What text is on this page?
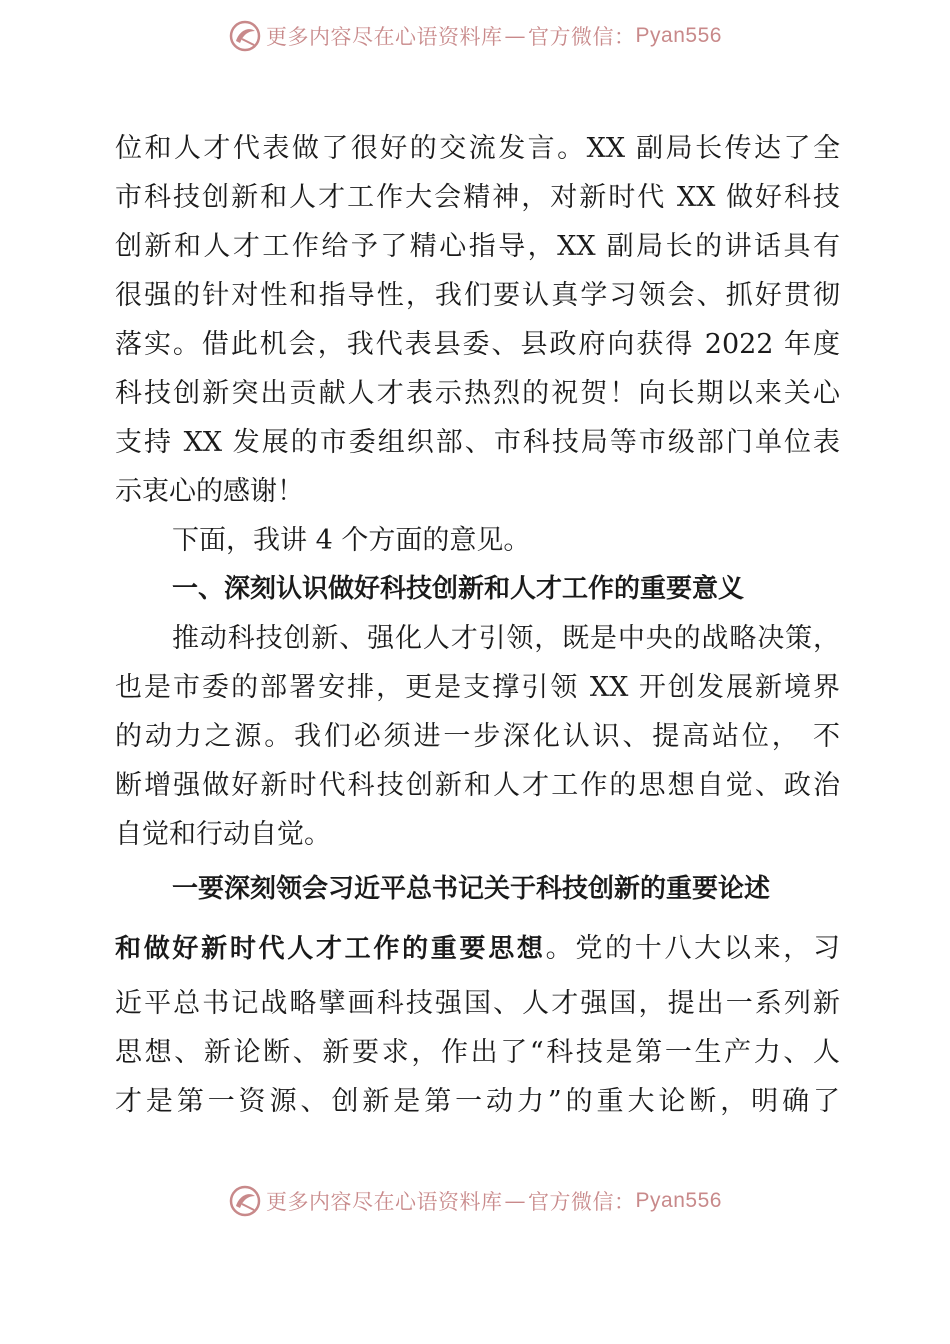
更多内容尽在心语资料库 — 官方微信： Pyan556
位和人才代表做了很好的交流发言。XX 副局长传达了全
市科技创新和人才工作大会精神，对新时代 XX 做好科技
创新和人才工作给予了精心指导，XX 副局长的讲话具有
很强的针对性和指导性，我们要认真学习领会、抓好贯彻
落实。借此机会，我代表县委、县政府向获得 2022 年度
科技创新突出贡献人才表示热烈的祝贺！向长期以来关心
支持 XX 发展的市委组织部、市科技局等市级部门单位表
示衷心的感谢！
下面，我讲 4 个方面的意见。
一、深刻认识做好科技创新和人才工作的重要意义
推动科技创新、强化人才引领，既是中央的战略决策，
也是市委的部署安排，更是支撑引领 XX 开创发展新境界
的动力之源。我们必须进一步深化认识、提高站位， 不
断增强做好新时代科技创新和人才工作的思想自觉、政治
自觉和行动自觉。
一要深刻领会习近平总书记关于科技创新的重要论述
和做好新时代人才工作的重要思想。党的十八大以来，习
近平总书记战略擘画科技强国、人才强国，提出一系列新
思想、新论断、新要求，作出了“科技是第一生产力、人
才是第一资源、创新是第一动力”的重大论断，明确了
更多内容尽在心语资料库 — 官方微信： Pyan556
